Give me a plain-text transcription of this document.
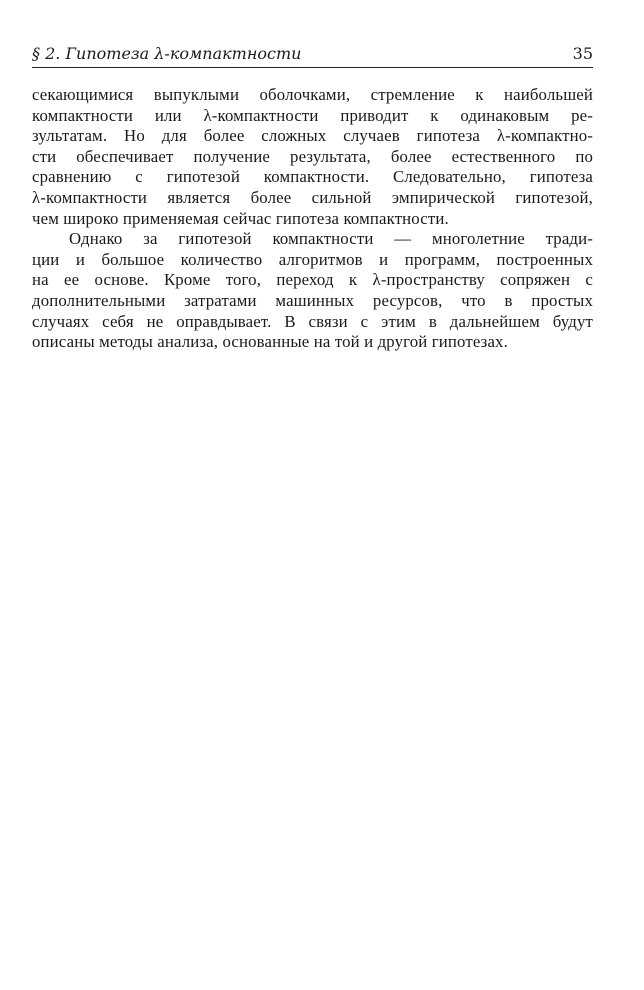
§ 2. Гипотеза λ-компактности	35
секающимися выпуклыми оболочками, стремление к наибольшей
компактности или λ-компактности приводит к одинаковым ре-
зультатам. Но для более сложных случаев гипотеза λ-компактно-
сти обеспечивает получение результата, более естественного по
сравнению с гипотезой компактности. Следовательно, гипотеза
λ-компактности является более сильной эмпирической гипотезой,
чем широко применяемая сейчас гипотеза компактности.
Однако за гипотезой компактности — многолетние тради-
ции и большое количество алгоритмов и программ, построенных
на ее основе. Кроме того, переход к λ-пространству сопряжен с
дополнительными затратами машинных ресурсов, что в простых
случаях себя не оправдывает. В связи с этим в дальнейшем будут
описаны методы анализа, основанные на той и другой гипотезах.
